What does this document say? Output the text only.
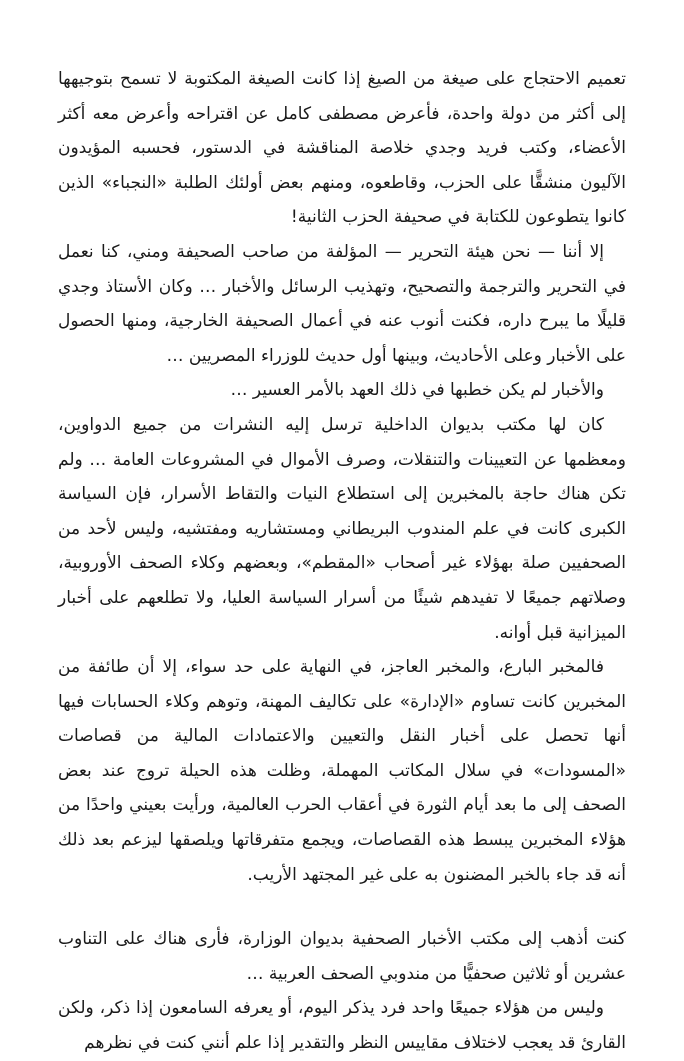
تعميم الاحتجاج على صيغة من الصيغ إذا كانت الصيغة المكتوبة لا تسمح بتوجيهها إلى أكثر من دولة واحدة، فأعرض مصطفى كامل عن اقتراحه وأعرض معه أكثر الأعضاء، وكتب فريد وجدي خلاصة المناقشة في الدستور، فحسبه المؤيدون الآليون منشقًّا على الحزب، وقاطعوه، ومنهم بعض أولئك الطلبة «النجباء» الذين كانوا يتطوعون للكتابة في صحيفة الحزب الثانية!

إلا أننا — نحن هيئة التحرير — المؤلفة من صاحب الصحيفة ومني، كنا نعمل في التحرير والترجمة والتصحيح، وتهذيب الرسائل والأخبار … وكان الأستاذ وجدي قليلًا ما يبرح داره، فكنت أنوب عنه في أعمال الصحيفة الخارجية، ومنها الحصول على الأخبار وعلى الأحاديث، وبينها أول حديث للوزراء المصريين …

والأخبار لم يكن خطبها في ذلك العهد بالأمر العسير …

كان لها مكتب بديوان الداخلية ترسل إليه النشرات من جميع الدواوين، ومعظمها عن التعيينات والتنقلات، وصرف الأموال في المشروعات العامة … ولم تكن هناك حاجة بالمخبرين إلى استطلاع النيات والتقاط الأسرار، فإن السياسة الكبرى كانت في علم المندوب البريطاني ومستشاريه ومفتشيه، وليس لأحد من الصحفيين صلة بهؤلاء غير أصحاب «المقطم»، وبعضهم وكلاء الصحف الأوروبية، وصلاتهم جميعًا لا تفيدهم شيئًا من أسرار السياسة العليا، ولا تطلعهم على أخبار الميزانية قبل أوانه.

فالمخبر البارع، والمخبر العاجز، في النهاية على حد سواء، إلا أن طائفة من المخبرين كانت تساوم «الإدارة» على تكاليف المهنة، وتوهم وكلاء الحسابات فيها أنها تحصل على أخبار النقل والتعيين والاعتمادات المالية من قصاصات «المسودات» في سلال المكاتب المهملة، وظلت هذه الحيلة تروج عند بعض الصحف إلى ما بعد أيام الثورة في أعقاب الحرب العالمية، ورأيت بعيني واحدًا من هؤلاء المخبرين يبسط هذه القصاصات، ويجمع متفرقاتها ويلصقها ليزعم بعد ذلك أنه قد جاء بالخبر المضنون به على غير المجتهد الأريب.

كنت أذهب إلى مكتب الأخبار الصحفية بديوان الوزارة، فأرى هناك على التناوب عشرين أو ثلاثين صحفيًّا من مندوبي الصحف العربية …

وليس من هؤلاء جميعًا واحد فرد يذكر اليوم، أو يعرفه السامعون إذا ذكر، ولكن القارئ قد يعجب لاختلاف مقاييس النظر والتقدير إذا علم أنني كنت في نظرهم
